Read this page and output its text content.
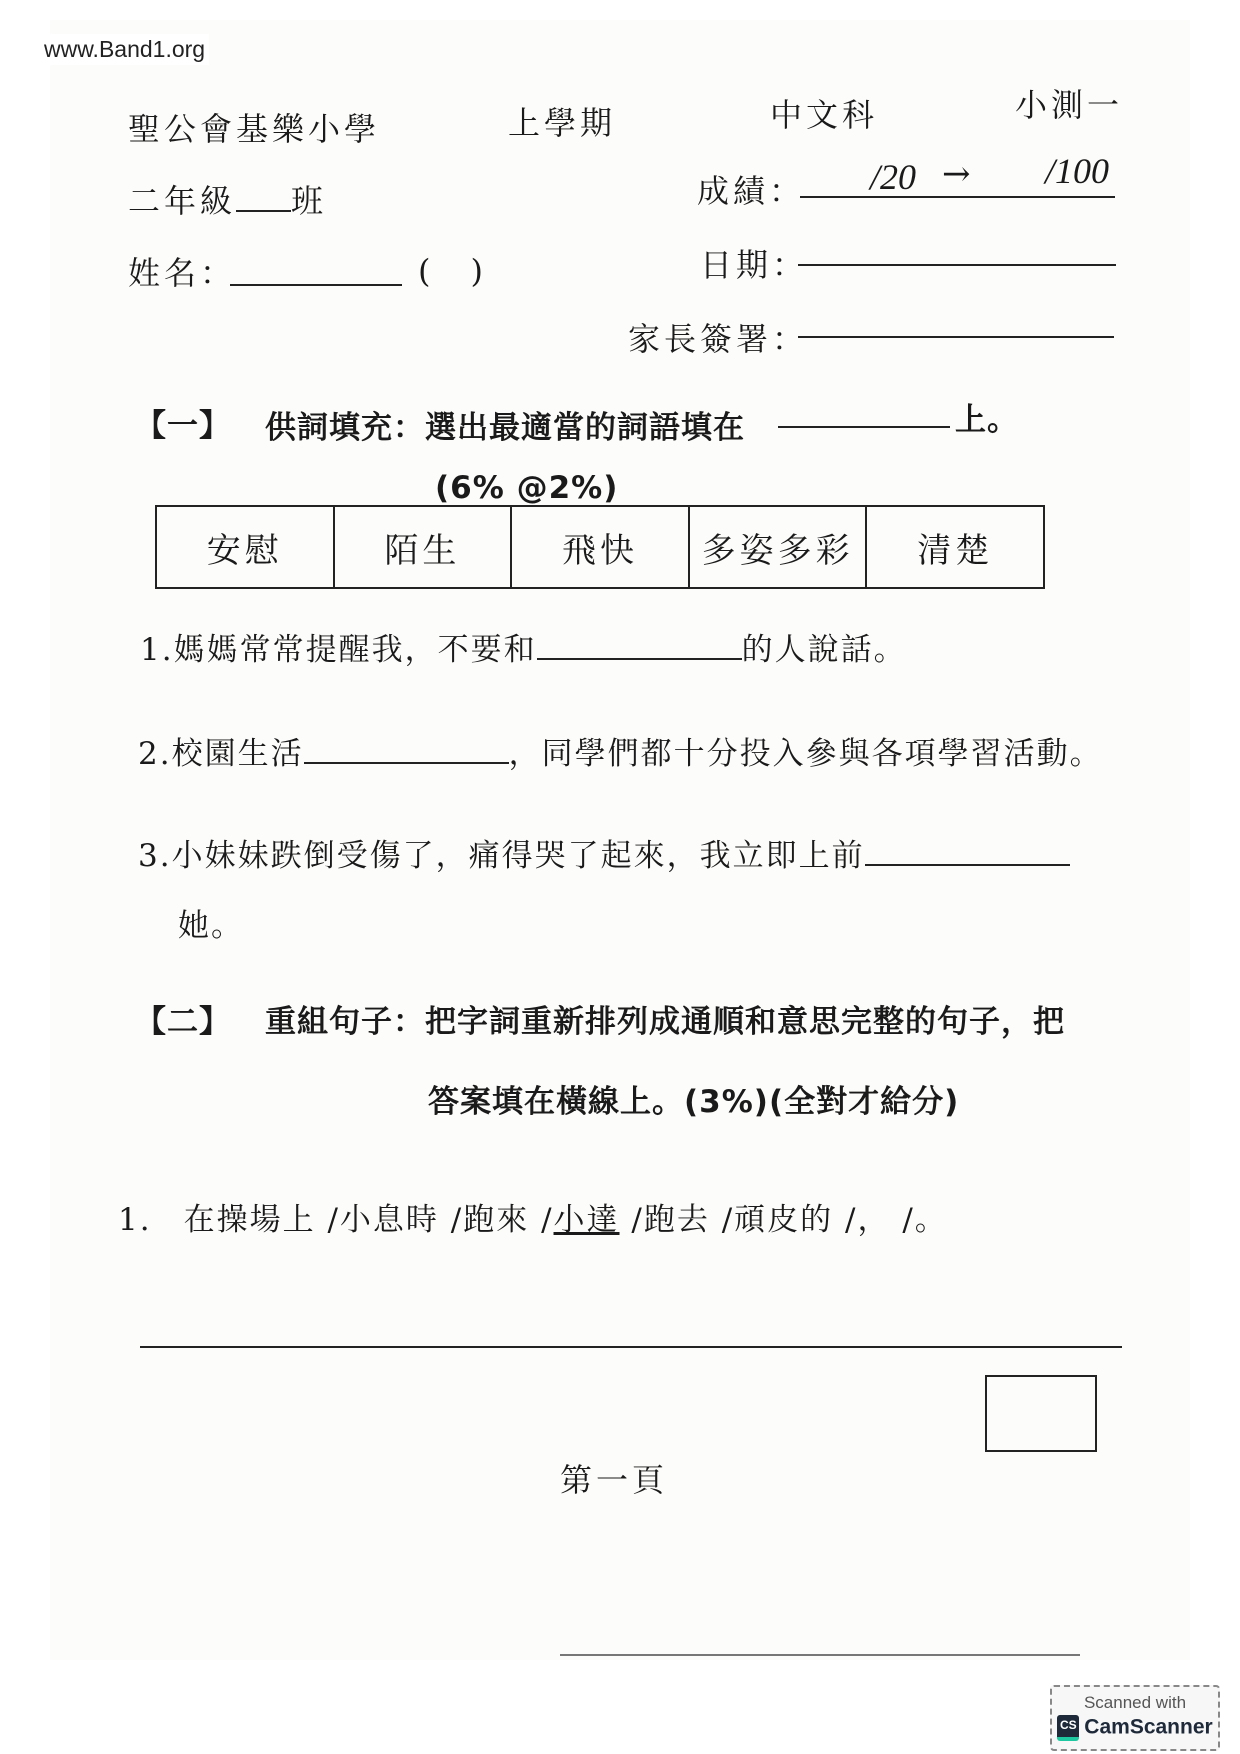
www.Band1.org
聖公會基樂小學	上學期	中文科	小測一
二年級 班	成績： /20 → /100
姓名：	(　)	日期：
家長簽署：
【一】 供詞填充：選出最適當的詞語填在	上。
(6% @2%)
安慰	陌生	飛快	多姿多彩	清楚
1.媽媽常常提醒我，不要和	的人說話。
2.校園生活	，同學們都十分投入參與各項學習活動。
3.小妹妹跌倒受傷了，痛得哭了起來，我立即上前
她。
【二】 重組句子：把字詞重新排列成通順和意思完整的句子，把
答案填在橫線上。(3%)(全對才給分)
1. 在操場上 /小息時 /跑來 /小達 /跑去 /頑皮的 /， /。
第一頁
Scanned with
CS CamScanner
